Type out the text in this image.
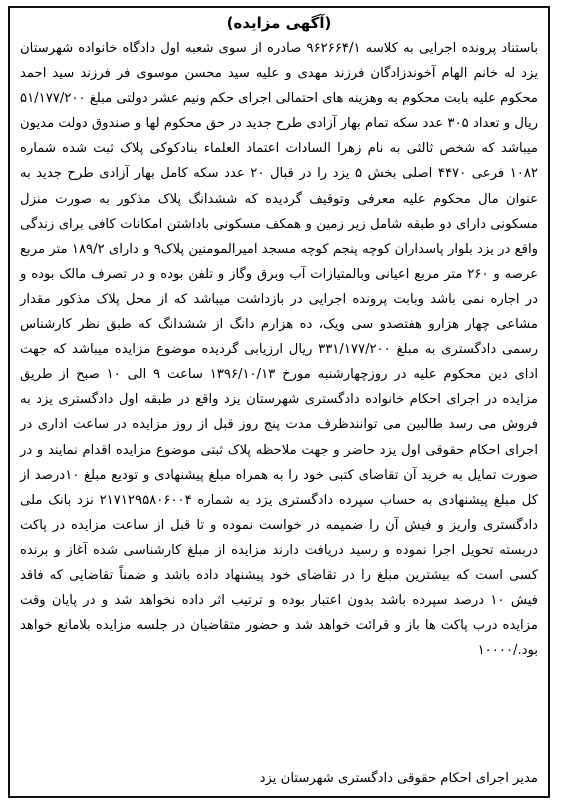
(آگهی مزایده)

باستناد پرونده اجرایی به کلاسه ۹۶۲۶۶۴/۱ صادره از سوی شعبه اول دادگاه خانواده شهرستان یزد له خانم الهام آخوندزادگان فرزند مهدی و علیه سید محسن موسوی فر فرزند سید احمد محکوم علیه بابت محکوم به وهزینه های احتمالی اجرای حکم ونیم عشر دولتی مبلغ ۵۱/۱۷۷/۲۰۰ ریال و تعداد ۳۰۵ عدد سکه تمام بهار آزادی طرح جدید در حق محکوم لها و صندوق دولت مدیون میباشد که شخص ثالثی به نام زهرا السادات اعتماد العلماء بنادکوکی پلاک ثبت شده شماره ۱۰۸۲ فرعی ۴۴۷۰ اصلی بخش ۵ یزد را در قبال ۲۰ عدد سکه کامل بهار آزادی طرح جدید به عنوان مال محکوم علیه معرفی وتوقیف گردیده که ششدانگ پلاک مذکور به صورت منزل مسکونی دارای دو طبقه شامل زیر زمین و همکف مسکونی باداشتن امکانات کافی برای زندگی واقع در یزد بلوار پاسداران کوچه پنجم کوچه مسجد امیرالمومنین پلاک۹ و دارای ۱۸۹/۲ متر مربع عرصه و ۲۶۰ متر مربع اعیانی وبالمتیازات آب وبرق وگاز و تلفن بوده و در تصرف مالک بوده و در اجاره نمی باشد وبابت پرونده اجرایی در بازداشت میباشد که از محل پلاک مذکور مقدار مشاعی چهار هزارو هفتصدو سی ویک، ده هزارم دانگ از ششدانگ که طبق نظر کارشناس رسمی دادگستری به مبلغ ۳۳۱/۱۷۷/۲۰۰ ریال ارزیابی گردیده موضوع مزایده میباشد که جهت ادای دین محکوم علیه در روزچهارشنبه مورخ ۱۳۹۶/۱۰/۱۳ ساعت ۹ الی ۱۰ صبح از طریق مزایده در اجرای احکام خانواده دادگستری شهرستان یزد واقع در طبقه اول دادگستری یزد به فروش می رسد طالبین می توانندظرف مدت پنج روز قبل از روز مزایده در ساعت اداری در اجرای احکام حقوقی اول یزد حاضر و جهت ملاحظه پلاک ثبتی موضوع مزایده اقدام نمایند و در صورت تمایل به خرید آن تقاضای کتبی خود را به همراه مبلغ پیشنهادی و تودیع مبلغ ۱۰درصد از کل مبلغ پیشنهادی به حساب سپرده دادگستری یزد به شماره ۲۱۷۱۲۹۵۸۰۶۰۰۴ نزد بانک ملی دادگستری واریز و فیش آن را ضمیمه در خواست نموده و تا قبل از ساعت مزایده در پاکت دربسته تحویل اجرا نموده و رسید دریافت دارند مزایده از مبلغ کارشناسی شده آغاز و برنده کسی است که بیشترین مبلغ را در تقاضای خود پیشنهاد داده باشد و ضمناً تقاضایی که فاقد فیش ۱۰ درصد سپرده باشد بدون اعتبار بوده و ترتیب اثر داده نخواهد شد و در پایان وقت مزایده درب پاکت ها باز و قرائت خواهد شد و حضور متقاضیان در جلسه مزایده بلامانع خواهد بود./۱۰۰۰۰

مدیر اجرای احکام حقوقی دادگستری شهرستان یزد
